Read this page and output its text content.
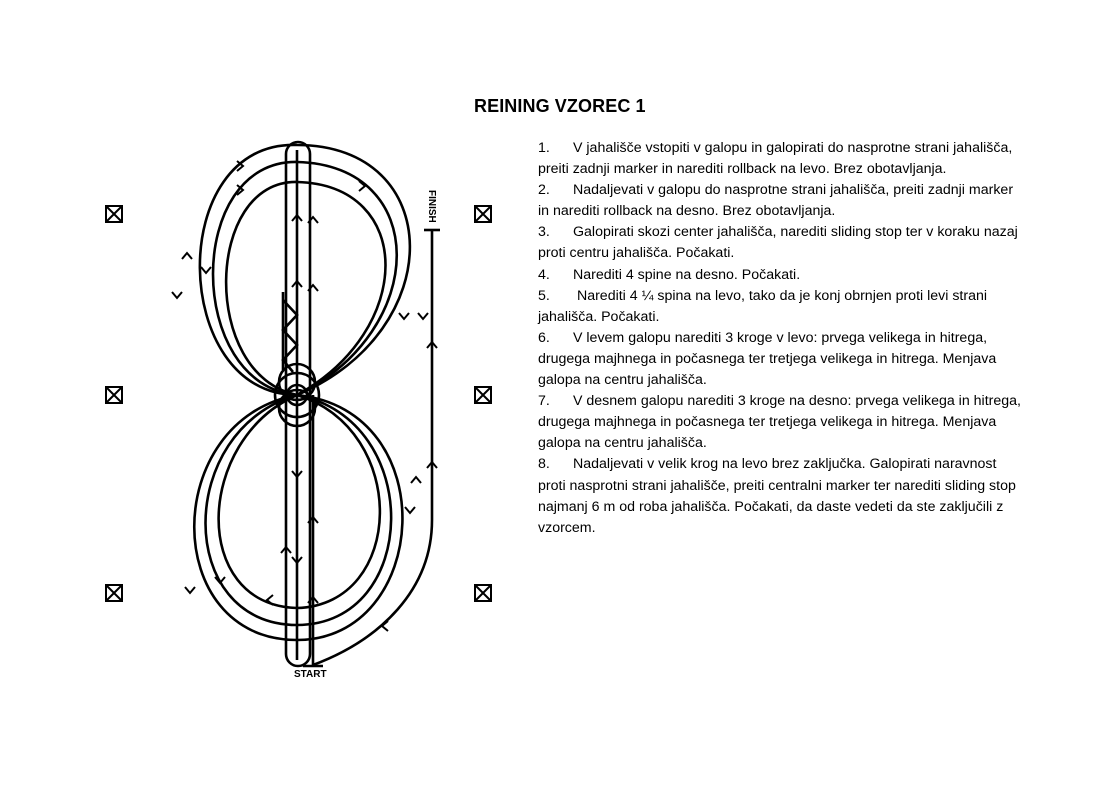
REINING VZOREC 1
FINISH
START

1. V jahališče vstopiti v galopu in galopirati do nasprotne strani jahališča, preiti zadnji marker in narediti rollback na levo. Brez obotavljanja.

2. Nadaljevati v galopu do nasprotne strani jahališča, preiti zadnji marker in narediti rollback na desno. Brez obotavljanja.

3. Galopirati skozi center jahališča, narediti sliding stop ter v koraku nazaj proti centru jahališča. Počakati.

4. Narediti 4 spine na desno. Počakati.

5. Narediti 4 ¼ spina na levo, tako da je konj obrnjen proti levi strani jahališča. Počakati.

6. V levem galopu narediti 3 kroge v levo: prvega velikega in hitrega, drugega majhnega in počasnega ter tretjega velikega in hitrega. Menjava galopa na centru jahališča.

7. V desnem galopu narediti 3 kroge na desno: prvega velikega in hitrega, drugega majhnega in počasnega ter tretjega velikega in hitrega. Menjava galopa na centru jahališča.

8. Nadaljevati v velik krog na levo brez zaključka. Galopirati naravnost proti nasprotni strani jahališče, preiti centralni marker ter narediti sliding stop najmanj 6 m od roba jahališča. Počakati, da daste vedeti da ste zaključili z vzorcem.
